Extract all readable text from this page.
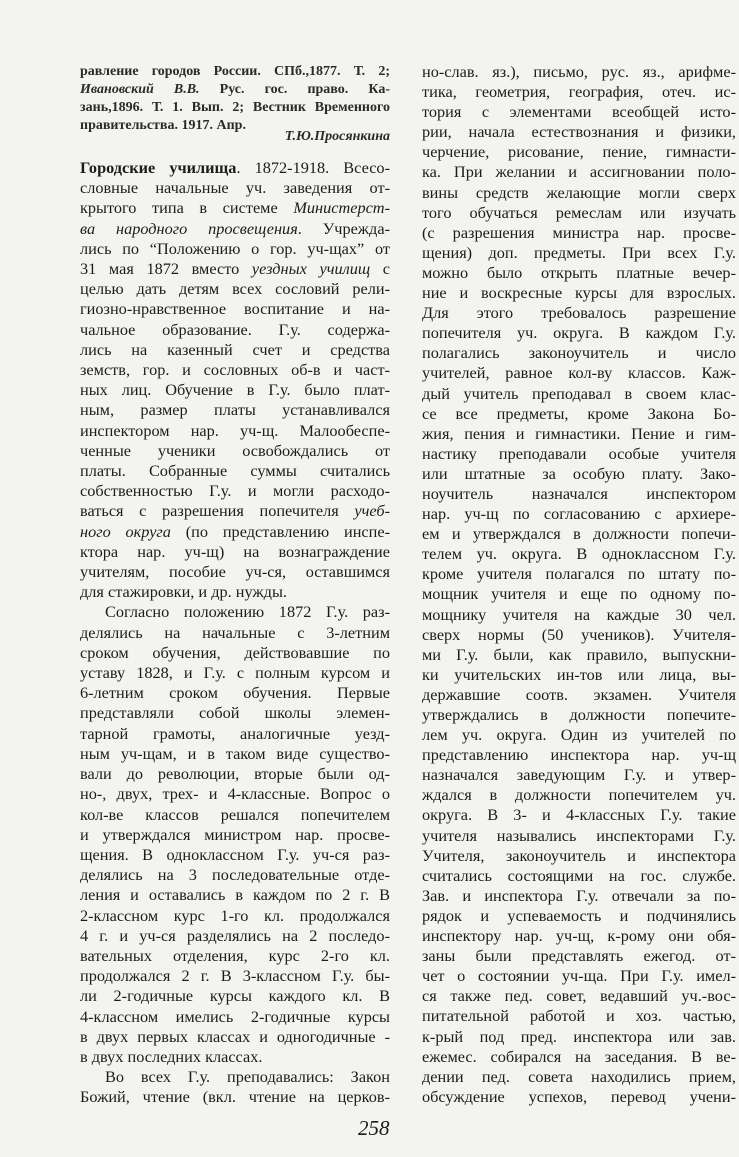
равление городов России. СПб.,1877. Т. 2;
Ивановский В.В. Рус. гос. право. Ка-
зань,1896. Т. 1. Вып. 2; Вестник Временного
правительства. 1917. Апр.
Т.Ю.Просянкина
Городские училища. 1872-1918. Всесо-
словные начальные уч. заведения от-
крытого типа в системе Министерст-
ва народного просвещения. Учрежда-
лись по “Положению о гор. уч-щах” от
31 мая 1872 вместо уездных училищ с
целью дать детям всех сословий рели-
гиозно-нравственное воспитание и на-
чальное образование. Г.у. содержа-
лись на казенный счет и средства
земств, гор. и сословных об-в и част-
ных лиц. Обучение в Г.у. было плат-
ным, размер платы устанавливался
инспектором нар. уч-щ. Малообеспе-
ченные ученики освобождались от
платы. Собранные суммы считались
собственностью Г.у. и могли расходо-
ваться с разрешения попечителя учеб-
ного округа (по представлению инспе-
ктора нар. уч-щ) на вознаграждение
учителям, пособие уч-ся, оставшимся
для стажировки, и др. нужды.
Согласно положению 1872 Г.у. раз-
делялись на начальные с 3-летним
сроком обучения, действовавшие по
уставу 1828, и Г.у. с полным курсом и
6-летним сроком обучения. Первые
представляли собой школы элемен-
тарной грамоты, аналогичные уезд-
ным уч-щам, и в таком виде существо-
вали до революции, вторые были од-
но-, двух, трех- и 4-классные. Вопрос о
кол-ве классов решался попечителем
и утверждался министром нар. просве-
щения. В одноклассном Г.у. уч-ся раз-
делялись на 3 последовательные отде-
ления и оставались в каждом по 2 г. В
2-классном курс 1-го кл. продолжался
4 г. и уч-ся разделялись на 2 последо-
вательных отделения, курс 2-го кл.
продолжался 2 г. В 3-классном Г.у. бы-
ли 2-годичные курсы каждого кл. В
4-классном имелись 2-годичные курсы
в двух первых классах и одногодичные -
в двух последних классах.
Во всех Г.у. преподавались: Закон
Божий, чтение (вкл. чтение на церков-
но-слав. яз.), письмо, рус. яз., арифме-
тика, геометрия, география, отеч. ис-
тория с элементами всеобщей исто-
рии, начала естествознания и физики,
черчение, рисование, пение, гимнасти-
ка. При желании и ассигновании поло-
вины средств желающие могли сверх
того обучаться ремеслам или изучать
(с разрешения министра нар. просве-
щения) доп. предметы. При всех Г.у.
можно было открыть платные вечер-
ние и воскресные курсы для взрослых.
Для этого требовалось разрешение
попечителя уч. округа. В каждом Г.у.
полагались законоучитель и число
учителей, равное кол-ву классов. Каж-
дый учитель преподавал в своем клас-
се все предметы, кроме Закона Бо-
жия, пения и гимнастики. Пение и гим-
настику преподавали особые учителя
или штатные за особую плату. Зако-
ноучитель назначался инспектором
нар. уч-щ по согласованию с архиере-
ем и утверждался в должности попечи-
телем уч. округа. В одноклассном Г.у.
кроме учителя полагался по штату по-
мощник учителя и еще по одному по-
мощнику учителя на каждые 30 чел.
сверх нормы (50 учеников). Учителя-
ми Г.у. были, как правило, выпускни-
ки учительских ин-тов или лица, вы-
державшие соотв. экзамен. Учителя
утверждались в должности попечите-
лем уч. округа. Один из учителей по
представлению инспектора нар. уч-щ
назначался заведующим Г.у. и утвер-
ждался в должности попечителем уч.
округа. В 3- и 4-классных Г.у. такие
учителя назывались инспекторами Г.у.
Учителя, законоучитель и инспектора
считались состоящими на гос. службе.
Зав. и инспектора Г.у. отвечали за по-
рядок и успеваемость и подчинялись
инспектору нар. уч-щ, к-рому они обя-
заны были представлять ежегод. от-
чет о состоянии уч-ща. При Г.у. имел-
ся также пед. совет, ведавший уч.-вос-
питательной работой и хоз. частью,
к-рый под пред. инспектора или зав.
ежемес. собирался на заседания. В ве-
дении пед. совета находились прием,
обсуждение успехов, перевод учени-
258
